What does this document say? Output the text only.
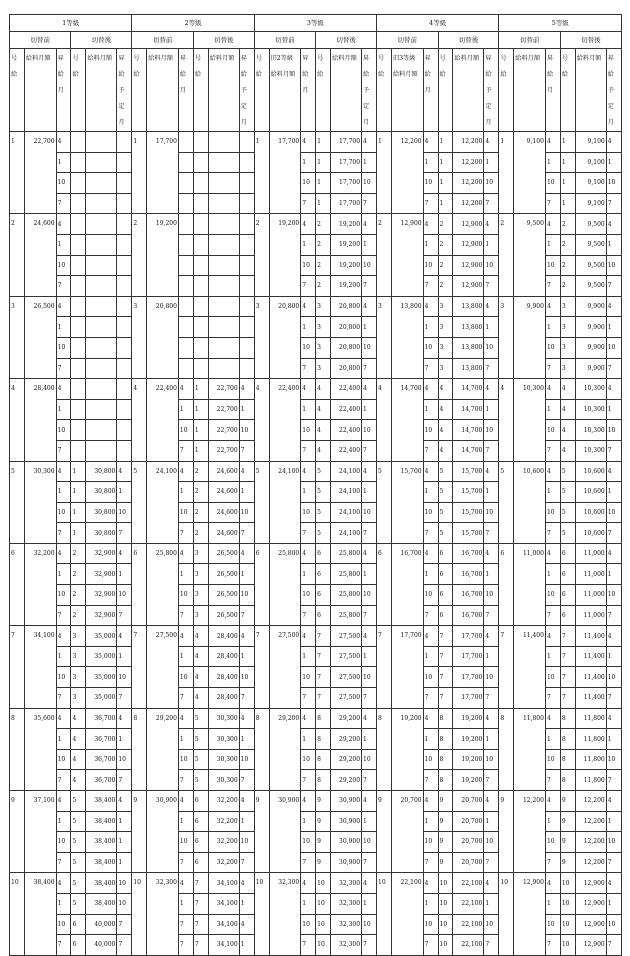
1等級						2等級						3等級						4等級						5等級					
切替前			切替後			切替前			切替後			切替前			切替後			切替前			切替後			切替前			切替後		
号給	給料月額	昇給月	号給	給料月額	昇給予定月	号給	給料月額	昇給月	号給	給料月額	昇給予定月	号給	旧2等級給料月額	昇給月	号給	給料月額	昇給予定月	号給	旧3等級給料月額	昇給月	号給	給料月額	昇給予定月	号給	給料月額	昇給月	号給	給料月額	昇給予定月
1	22,700	4				1	17,700					1	17,700	4	1	17,700	4	1	12,200	4	1	12,200	4	1	9,100	4	1	9,100	4
		1												1	1	17,700	1			1	1	12,200	1			1	1	9,100	1
		10												10	1	17,700	10			10	1	12,200	10			10	1	9,100	10
		7												7	1	17,700	7			7	1	12,200	7			7	1	9,100	7
2	24,600	4				2	19,200					2	19,200	4	2	19,200	4	2	12,900	4	2	12,900	4	2	9,500	4	2	9,500	4
		1												1	2	19,200	1			1	2	12,900	1			1	2	9,500	1
		10												10	2	19,200	10			10	2	12,900	10			10	2	9,500	10
		7												7	2	19,200	7			7	2	12,900	7			7	2	9,500	7
3	26,500	4				3	20,800					3	20,800	4	3	20,800	4	3	13,800	4	3	13,800	4	3	9,900	4	3	9,900	4
		1												1	3	20,800	1			1	3	13,800	1			1	3	9,900	1
		10												10	3	20,800	10			10	3	13,800	10			10	3	9,900	10
		7												7	3	20,800	7			7	3	13,800	7			7	3	9,900	7
4	28,400	4				4	22,400	4	1	22,700	4	4	22,400	4	4	22,400	4	4	14,700	4	4	14,700	4	4	10,300	4	4	10,300	4
		1						1	1	22,700	1			1	4	22,400	1			1	4	14,700	1			1	4	10,300	1
		10						10	1	22,700	10			10	4	22,400	10			10	4	14,700	10			10	4	10,300	10
		7						7	1	22,700	7			7	4	22,400	7			7	4	14,700	7			7	4	10,300	7
5	30,300	4	1	30,800	4	5	24,100	4	2	24,600	4	5	24,100	4	5	24,100	4	5	15,700	4	5	15,700	4	5	10,600	4	5	10,600	4
		1	1	30,800	1			1	2	24,600	1			1	5	24,100	1			1	5	15,700	1			1	5	10,600	1
		10	1	30,800	10			10	2	24,600	10			10	5	24,100	10			10	5	15,700	10			10	5	10,600	10
		7	1	30,800	7			7	2	24,600	7			7	5	24,100	7			7	5	15,700	7			7	5	10,600	7
6	32,200	4	2	32,900	4	6	25,800	4	3	26,500	4	6	25,800	4	6	25,800	4	6	16,700	4	6	16,700	4	6	11,000	4	6	11,000	4
		1	2	32,900	1			1	3	26,500	1			1	6	25,800	1			1	6	16,700	1			1	6	11,000	1
		10	2	32,900	10			10	3	26,500	10			10	6	25,800	10			10	6	16,700	10			10	6	11,000	10
		7	2	32,900	7			7	3	26,500	7			7	6	25,800	7			7	6	16,700	7			7	6	11,000	7
7	34,100	4	3	35,000	4	7	27,500	4	4	28,400	4	7	27,500	4	7	27,500	4	7	17,700	4	7	17,700	4	7	11,400	4	7	11,400	4
		1	3	35,000	1			1	4	28,400	1			1	7	27,500	1			1	7	17,700	1			1	7	11,400	1
		10	3	35,000	10			10	4	28,400	10			10	7	27,500	10			10	7	17,700	10			10	7	11,400	10
		7	3	35,000	7			7	4	28,400	7			7	7	27,500	7			7	7	17,700	7			7	7	11,400	7
8	35,600	4	4	36,700	4	8	29,200	4	5	30,300	4	8	29,200	4	8	29,200	4	8	19,200	4	8	19,200	4	8	11,800	4	8	11,800	4
		1	4	36,700	1			1	5	30,300	1			1	8	29,200	1			1	8	19,200	1			1	8	11,800	1
		10	4	36,700	10			10	5	30,300	10			10	8	29,200	10			10	8	19,200	10			10	8	11,800	10
		7	4	36,700	7			7	5	30,300	7			7	8	29,200	7			7	8	19,200	7			7	8	11,800	7
9	37,100	4	5	38,400	4	9	30,900	4	6	32,200	4	9	30,900	4	9	30,900	4	9	20,700	4	9	20,700	4	9	12,200	4	9	12,200	4
		1	5	38,400	1			1	6	32,200	1			1	9	30,900	1			1	9	20,700	1			1	9	12,200	1
		10	5	38,400	1			10	6	32,200	10			10	9	30,900	10			10	9	20,700	10			10	9	12,200	10
		7	5	38,400	1			7	6	32,200	7			7	9	30,900	7			7	9	20,700	7			7	9	12,200	7
10	38,400	4	5	38,400	10	10	32,300	4	7	34,100	4	10	32,300	4	10	32,300	4	10	22,100	4	10	22,100	4	10	12,900	4	10	12,900	4
		1	5	38,400	10			1	7	34,100	1			1	10	32,300	1			1	10	22,100	1			1	10	12,900	1
		10	6	40,000	7			7	7	34,100	4			10	10	32,300	10			10	10	22,100	10			10	10	12,900	10
		7	6	40,000	7			7	7	34,100	1			7	10	32,300	7			7	10	22,100	7			7	10	12,900	7
